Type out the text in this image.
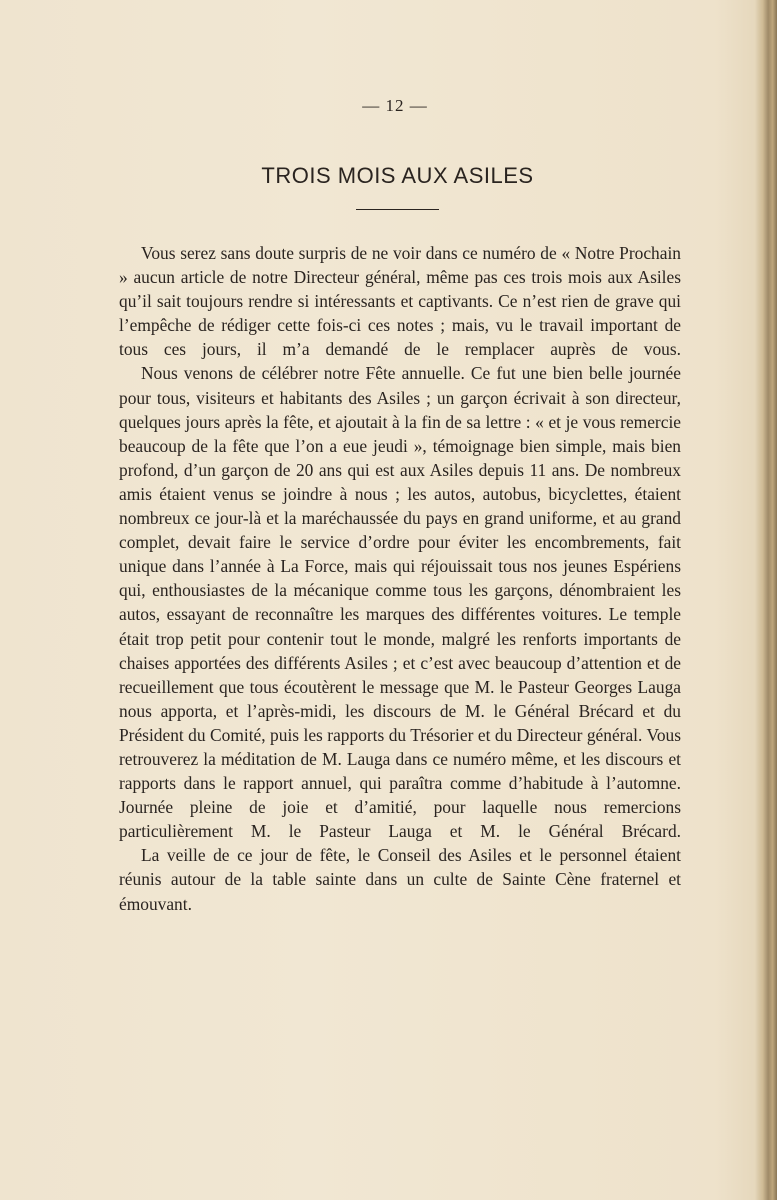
— 12 —
TROIS MOIS AUX ASILES

Vous serez sans doute surpris de ne voir dans ce numéro de « Notre Prochain » aucun article de notre Directeur général, même pas ces trois mois aux Asiles qu’il sait toujours rendre si intéressants et captivants. Ce n’est rien de grave qui l’empêche de rédiger cette fois-ci ces notes ; mais, vu le travail important de tous ces jours, il m’a demandé de le remplacer auprès de vous.

Nous venons de célébrer notre Fête annuelle. Ce fut une bien belle journée pour tous, visiteurs et habitants des Asiles ; un garçon écrivait à son directeur, quelques jours après la fête, et ajoutait à la fin de sa lettre : « et je vous remercie beaucoup de la fête que l’on a eue jeudi », témoignage bien simple, mais bien profond, d’un garçon de 20 ans qui est aux Asiles depuis 11 ans. De nombreux amis étaient venus se joindre à nous ; les autos, autobus, bicyclettes, étaient nombreux ce jour-là et la maréchaussée du pays en grand uniforme, et au grand complet, devait faire le service d’ordre pour éviter les encombrements, fait unique dans l’année à La Force, mais qui réjouissait tous nos jeunes Espériens qui, enthousiastes de la mécanique comme tous les garçons, dénombraient les autos, essayant de reconnaître les marques des différentes voitures. Le temple était trop petit pour contenir tout le monde, malgré les renforts importants de chaises apportées des différents Asiles ; et c’est avec beaucoup d’attention et de recueillement que tous écoutèrent le message que M. le Pasteur Georges Lauga nous apporta, et l’après-midi, les discours de M. le Général Brécard et du Président du Comité, puis les rapports du Trésorier et du Directeur général. Vous retrouverez la méditation de M. Lauga dans ce numéro même, et les discours et rapports dans le rapport annuel, qui paraîtra comme d’habitude à l’automne. Journée pleine de joie et d’amitié, pour laquelle nous remercions particulièrement M. le Pasteur Lauga et M. le Général Brécard.

La veille de ce jour de fête, le Conseil des Asiles et le personnel étaient réunis autour de la table sainte dans un culte de Sainte Cène fraternel et émouvant.
